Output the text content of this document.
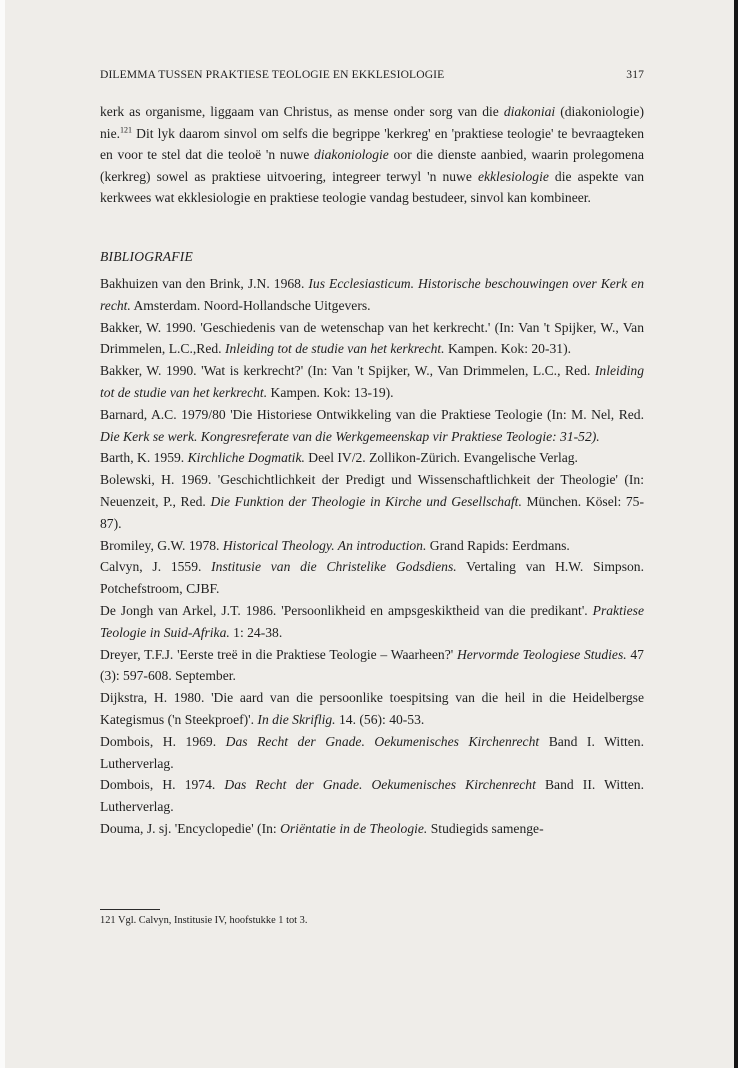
DILEMMA TUSSEN PRAKTIESE TEOLOGIE EN EKKLESIOLOGIE	317

kerk as organisme, liggaam van Christus, as mense onder sorg van die diakoniai (diakoniologie) nie.$^{121}$ Dit lyk daarom sinvol om selfs die begrippe 'kerkreg' en 'praktiese teologie' te bevraagteken en voor te stel dat die teoloë 'n nuwe diakoniologie oor die dienste aanbied, waarin prolegomena (kerkreg) sowel as praktiese uitvoering, integreer terwyl 'n nuwe ekklesiologie die aspekte van kerkwees wat ekklesiologie en praktiese teologie vandag bestudeer, sinvol kan kombineer.

BIBLIOGRAFIE

Bakhuizen van den Brink, J.N. 1968. Ius Ecclesiasticum. Historische beschouwingen over Kerk en recht. Amsterdam. Noord-Hollandsche Uitgevers.

Bakker, W. 1990. 'Geschiedenis van de wetenschap van het kerkrecht.' (In: Van 't Spijker, W., Van Drimmelen, L.C.,Red. Inleiding tot de studie van het kerkrecht. Kampen. Kok: 20-31).

Bakker, W. 1990. 'Wat is kerkrecht?' (In: Van 't Spijker, W., Van Drimmelen, L.C., Red. Inleiding tot de studie van het kerkrecht. Kampen. Kok: 13-19).

Barnard, A.C. 1979/80 'Die Historiese Ontwikkeling van die Praktiese Teologie (In: M. Nel, Red. Die Kerk se werk. Kongresreferate van die Werkgemeenskap vir Praktiese Teologie: 31-52).

Barth, K. 1959. Kirchliche Dogmatik. Deel IV/2. Zollikon-Zürich. Evangelische Verlag.

Bolewski, H. 1969. 'Geschichtlichkeit der Predigt und Wissenschaftlichkeit der Theologie' (In: Neuenzeit, P., Red. Die Funktion der Theologie in Kirche und Gesellschaft. München. Kösel: 75-87).

Bromiley, G.W. 1978. Historical Theology. An introduction. Grand Rapids: Eerdmans.

Calvyn, J. 1559. Institusie van die Christelike Godsdiens. Vertaling van H.W. Simpson. Potchefstroom, CJBF.

De Jongh van Arkel, J.T. 1986. 'Persoonlikheid en ampsgeskiktheid van die predikant'. Praktiese Teologie in Suid-Afrika. 1: 24-38.

Dreyer, T.F.J. 'Eerste treë in die Praktiese Teologie – Waarheen?' Hervormde Teologiese Studies. 47 (3): 597-608. September.

Dijkstra, H. 1980. 'Die aard van die persoonlike toespitsing van die heil in die Heidelbergse Kategismus ('n Steekproef)'. In die Skriflig. 14. (56): 40-53.

Dombois, H. 1969. Das Recht der Gnade. Oekumenisches Kirchenrecht Band I. Witten. Lutherverlag.

Dombois, H. 1974. Das Recht der Gnade. Oekumenisches Kirchenrecht Band II. Witten. Lutherverlag.

Douma, J. sj. 'Encyclopedie' (In: Oriëntatie in de Theologie. Studiegids samenge-

121 Vgl. Calvyn, Institusie IV, hoofstukke 1 tot 3.
